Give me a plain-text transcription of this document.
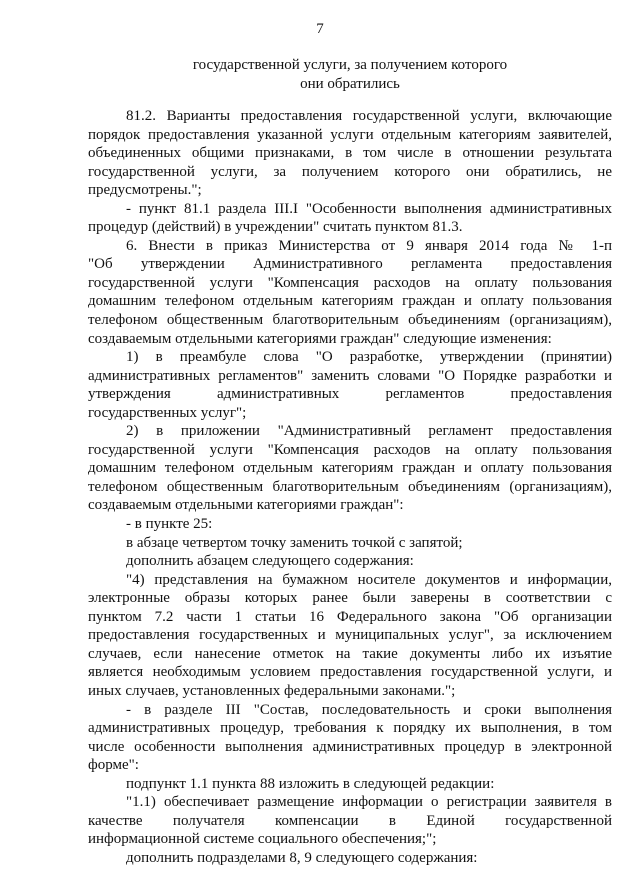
7
государственной услуги, за получением которого
они обратились
81.2. Варианты предоставления государственной услуги, включающие
порядок предоставления указанной услуги отдельным категориям заявителей,
объединенных общими признаками, в том числе в отношении результата
государственной услуги, за получением которого они обратились, не
предусмотрены.";
- пункт 81.1 раздела III.I "Особенности выполнения административных
процедур (действий) в учреждении" считать пунктом 81.3.
6. Внести в приказ Министерства от 9 января 2014 года № 1-п
"Об утверждении Административного регламента предоставления
государственной услуги "Компенсация расходов на оплату пользования
домашним телефоном отдельным категориям граждан и оплату пользования
телефоном общественным благотворительным объединениям (организациям),
создаваемым отдельными категориями граждан" следующие изменения:
1) в преамбуле слова "О разработке, утверждении (принятии)
административных регламентов" заменить словами "О Порядке разработки и
утверждения административных регламентов предоставления
государственных услуг";
2) в приложении "Административный регламент предоставления
государственной услуги "Компенсация расходов на оплату пользования
домашним телефоном отдельным категориям граждан и оплату пользования
телефоном общественным благотворительным объединениям (организациям),
создаваемым отдельными категориями граждан":
- в пункте 25:
в абзаце четвертом точку заменить точкой с запятой;
дополнить абзацем следующего содержания:
"4) представления на бумажном носителе документов и информации,
электронные образы которых ранее были заверены в соответствии с
пунктом 7.2 части 1 статьи 16 Федерального закона "Об организации
предоставления государственных и муниципальных услуг", за исключением
случаев, если нанесение отметок на такие документы либо их изъятие
является необходимым условием предоставления государственной услуги, и
иных случаев, установленных федеральными законами.";
- в разделе III "Состав, последовательность и сроки выполнения
административных процедур, требования к порядку их выполнения, в том
числе особенности выполнения административных процедур в электронной
форме":
подпункт 1.1 пункта 88 изложить в следующей редакции:
"1.1) обеспечивает размещение информации о регистрации заявителя в
качестве получателя компенсации в Единой государственной
информационной системе социального обеспечения;";
дополнить подразделами 8, 9 следующего содержания:
